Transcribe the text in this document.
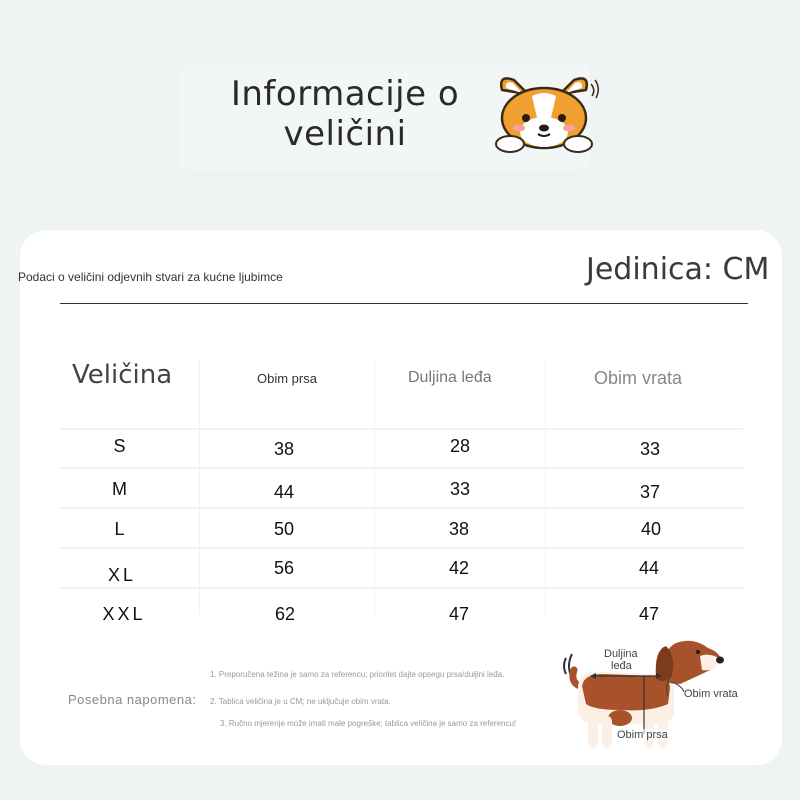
Informacije o
veličini
Podaci o veličini odjevnih stvari za kućne ljubimce	Jedinica: CM
Veličina	Obim prsa	Duljina leđa	Obim vrata
S	38	28	33
M	44	33	37
L	50	38	40
XL	56	42	44
XXL	62	47	47
Posebna napomena:
1. Preporučena težina je samo za referencu; prioritet dajte opsegu prsa/duljini leđa.
2. Tablica veličina je u CM; ne uključuje obim vrata.
3. Ručno mjerenje može imati male pogreške; tablica veličina je samo za referencu!
Duljina
leđa
Obim vrata
Obim prsa
